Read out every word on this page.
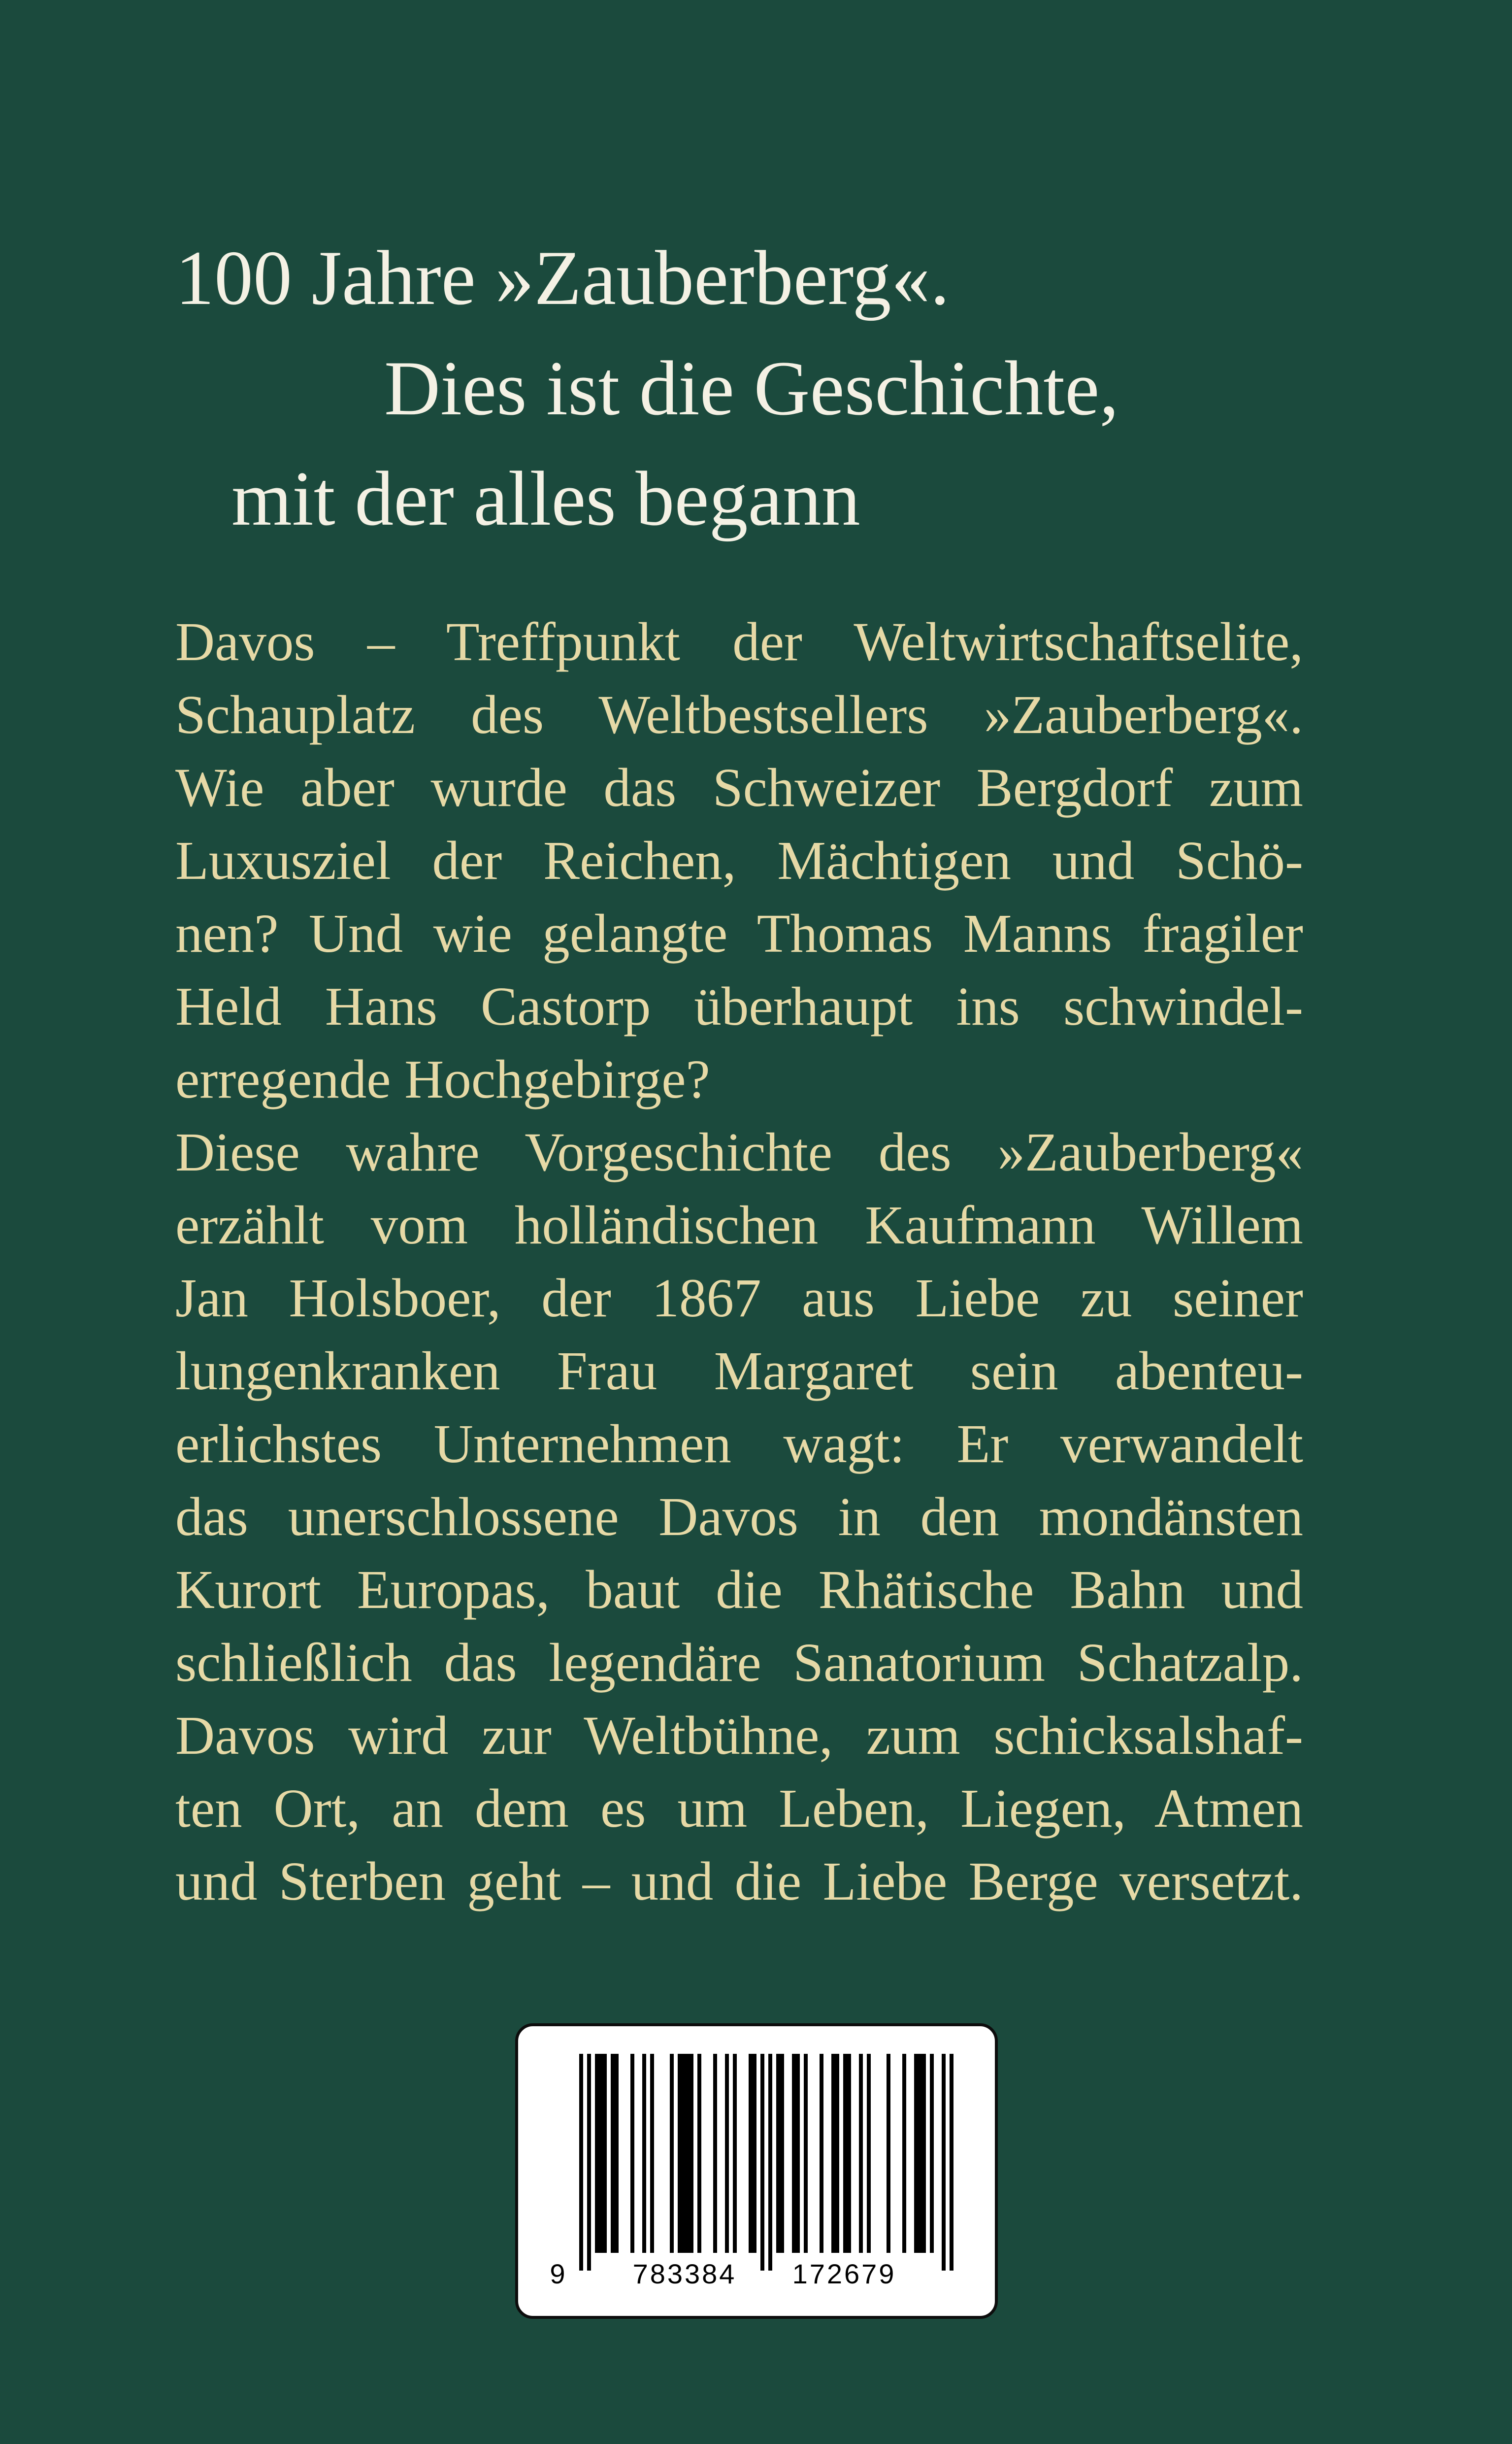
100 Jahre »Zauberberg«.
Dies ist die Geschichte,
mit der alles begann
Davos – Treffpunkt der Weltwirtschaftselite,
Schauplatz des Weltbestsellers »Zauberberg«.
Wie aber wurde das Schweizer Bergdorf zum
Luxusziel der Reichen, Mächtigen und Schö-
nen? Und wie gelangte Thomas Manns fragiler
Held Hans Castorp überhaupt ins schwindel-
erregende Hochgebirge?
Diese wahre Vorgeschichte des »Zauberberg«
erzählt vom holländischen Kaufmann Willem
Jan Holsboer, der 1867 aus Liebe zu seiner
lungenkranken Frau Margaret sein abenteu-
erlichstes Unternehmen wagt: Er verwandelt
das unerschlossene Davos in den mondänsten
Kurort Europas, baut die Rhätische Bahn und
schließlich das legendäre Sanatorium Schatzalp.
Davos wird zur Weltbühne, zum schicksalshaf-
ten Ort, an dem es um Leben, Liegen, Atmen
und Sterben geht – und die Liebe Berge versetzt.
9 783384 172679
